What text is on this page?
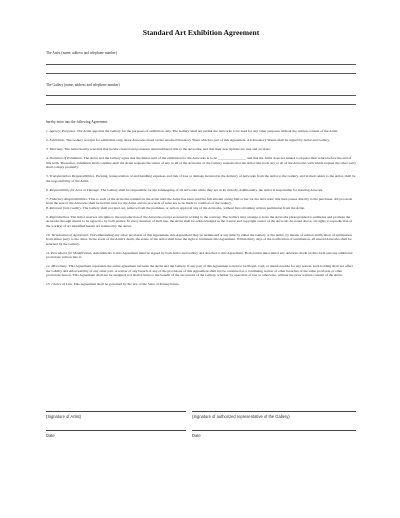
Standard Art Exhibition Agreement
The Artist (name, address and telephone number)
The Gallery (name, address and telephone number)
hereby enter into the following Agreement:

1. Agency; Purposes. The Artist appoints the Gallery for the purposes of exhibition only. The Gallery shall not permit the Artworks to be used for any other purposes without the written consent of the Artist.

2. Exhibition. The Gallery receipts for exhibition only, those Artworks listed on the attached Inventory Sheet which is part of this Agreement. All Inventory Sheets shall be signed by Artist and Gallery.

3. Warranty. The Artist hereby warrants that he/she created and possesses unencumbered title to the Artworks, and that their descriptions are true and accurate.

4. Duration of Exhibition. The Artist and the Gallery agree that the initial term of the exhibition for the Artworks is to be ________________ and that the Artist does not intend to request their return before the end of this term. Thereafter, exhibition shall continue until the Artist requests the return of any or all of the Artworks or the Gallery requests that the Artist take back any or all of the Artworks with which request the other party shall comply promptly.

5. Transportation Responsibilities. Packing, transportation of and handling expenses and risk of loss or damage incurred in the delivery of Artworks from the Artist to the Gallery, and in their return to the Artist, shall be the responsibility of the Artist.

6. Responsibility for Loss or Damage. The Gallery shall be responsible for the safekeeping of all Artworks while they are in its custody. Additionally, the Artist is responsible for insuring Artwork.

7. Fiduciary Responsibilities. Title to each of the Artworks remains in the Artist until the Artist has been paid the full amount owing him or her for the Artworks; title then passes directly to the purchaser. All proceeds from the sale of the Artworks shall be held in trust for the Artist and no proceeds of sales are to be made to creditors of the Gallery.
8. Removal from Gallery. The Gallery shall not lend out, remove from the premises, or sell on approval any of the Artworks, without first obtaining written permission from the Artist.

9. Reproduction. The Artist reserves all rights to the reproduction of the Artworks except as noted in writing to the contrary. The Gallery may arrange to have the Artworks photographed to publicize and promote the Artworks through means to be agreed to by both parties. In every instance of such use, the Artist shall be acknowledged as the creator and copyright owner of the Artwork. As noted above, all rights to reproduction of the work(s) of art identified herein are retained by the Artist.

10. Termination of Agreement. Notwithstanding any other provision of this Agreement, this Agreement may be terminated at any time by either the Gallery or the Artist, by means of written notification of termination from either party to the other. In the event of the Artist's death, the estate of the Artist shall have the right to terminate this Agreement. Within thirty days of the notification of termination, all unsold Artworks shall be returned by the Gallery.

11. Procedures for Modification. Amendments to this Agreement must be signed by both Artist and Gallery and attached to this Agreement. Both parties must initial any deletions made on this form and any additional provisions written into it.

12. Miscellany. This Agreement represents the entire agreement between the Artist and the Gallery. If any part of this Agreement is held to be illegal, void, or unenforceable for any reason, such holding shall not affect the validity and enforceability of any other part. A waiver of any breach of any of the provisions of this Agreement shall not be construed as a continuing waiver of other breaches of the same provision or other provisions hereof. This Agreement shall not be assigned, nor shall it inure to the benefit of the successors of the Gallery, whether by operation of law or otherwise, without the prior written consent of the Artist.

13. Choice of Law. This Agreement shall be governed by the law of the State of Pennsylvania.

(Signature of Artist)	(Signature of authorized representative of the Gallery)
Date	Date
